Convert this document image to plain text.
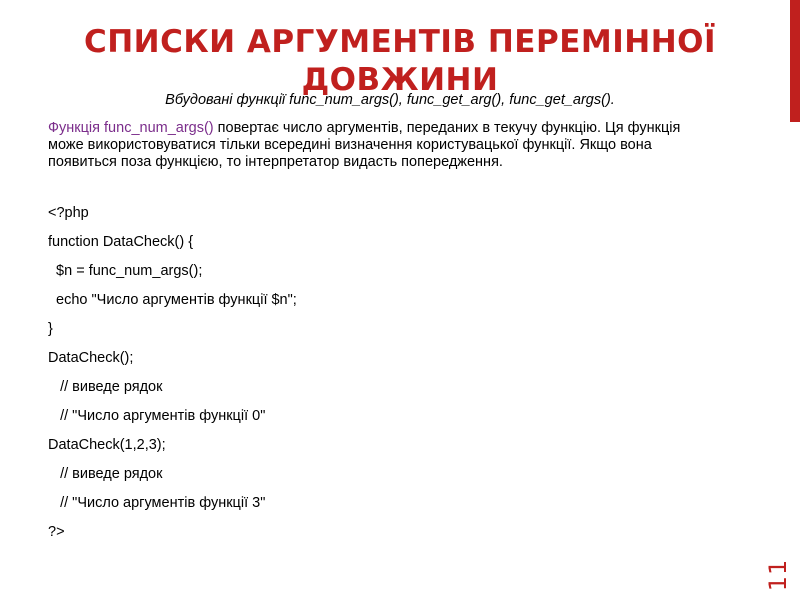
СПИСКИ АРГУМЕНТІВ ПЕРЕМІННОЇ ДОВЖИНИ
Вбудовані функції func_num_args(), func_get_arg(), func_get_args().
Функція func_num_args() повертає число аргументів, переданих в текучу функцію. Ця функція може використовуватися тільки всередині визначення користувацької функції. Якщо вона появиться поза функцією, то інтерпретатор видасть попередження.
<?php
function DataCheck() {
$n = func_num_args();
echo "Число аргументів функції $n";
}
DataCheck();
// виведе рядок
// "Число аргументів функції 0"
DataCheck(1,2,3);
// виведе рядок
// "Число аргументів функції 3"
?>
11
